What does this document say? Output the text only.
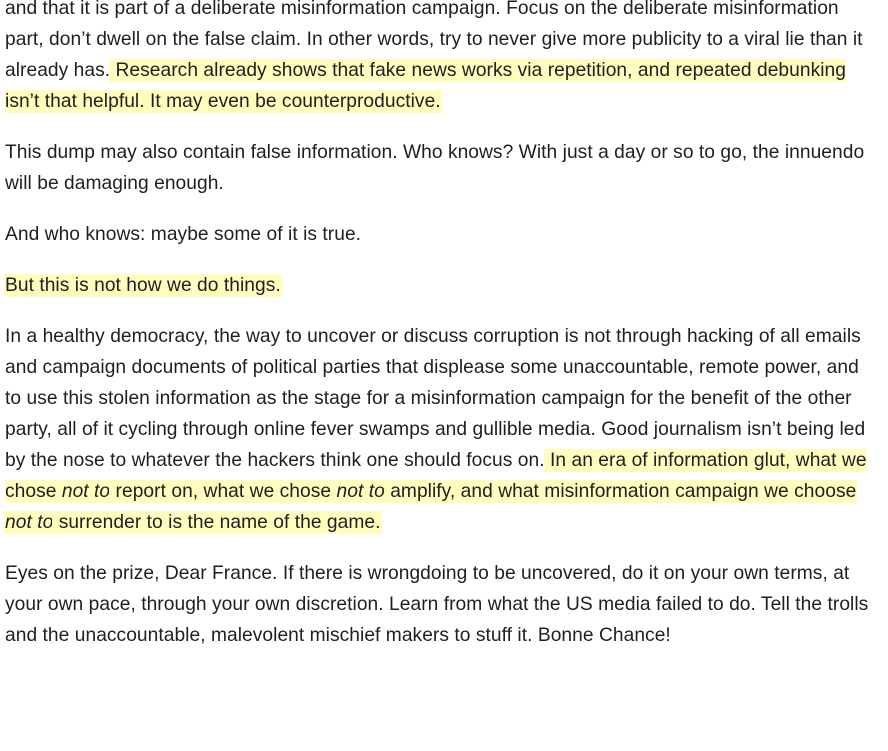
and that it is part of a deliberate misinformation campaign. Focus on the deliberate misinformation part, don’t dwell on the false claim. In other words, try to never give more publicity to a viral lie than it already has. Research already shows that fake news works via repetition, and repeated debunking isn’t that helpful. It may even be counterproductive.

This dump may also contain false information. Who knows? With just a day or so to go, the innuendo will be damaging enough.

And who knows: maybe some of it is true.

But this is not how we do things.

In a healthy democracy, the way to uncover or discuss corruption is not through hacking of all emails and campaign documents of political parties that displease some unaccountable, remote power, and to use this stolen information as the stage for a misinformation campaign for the benefit of the other party, all of it cycling through online fever swamps and gullible media. Good journalism isn’t being led by the nose to whatever the hackers think one should focus on. In an era of information glut, what we chose not to report on, what we chose not to amplify, and what misinformation campaign we choose not to surrender to is the name of the game.

Eyes on the prize, Dear France. If there is wrongdoing to be uncovered, do it on your own terms, at your own pace, through your own discretion. Learn from what the US media failed to do. Tell the trolls and the unaccountable, malevolent mischief makers to stuff it. Bonne Chance!
